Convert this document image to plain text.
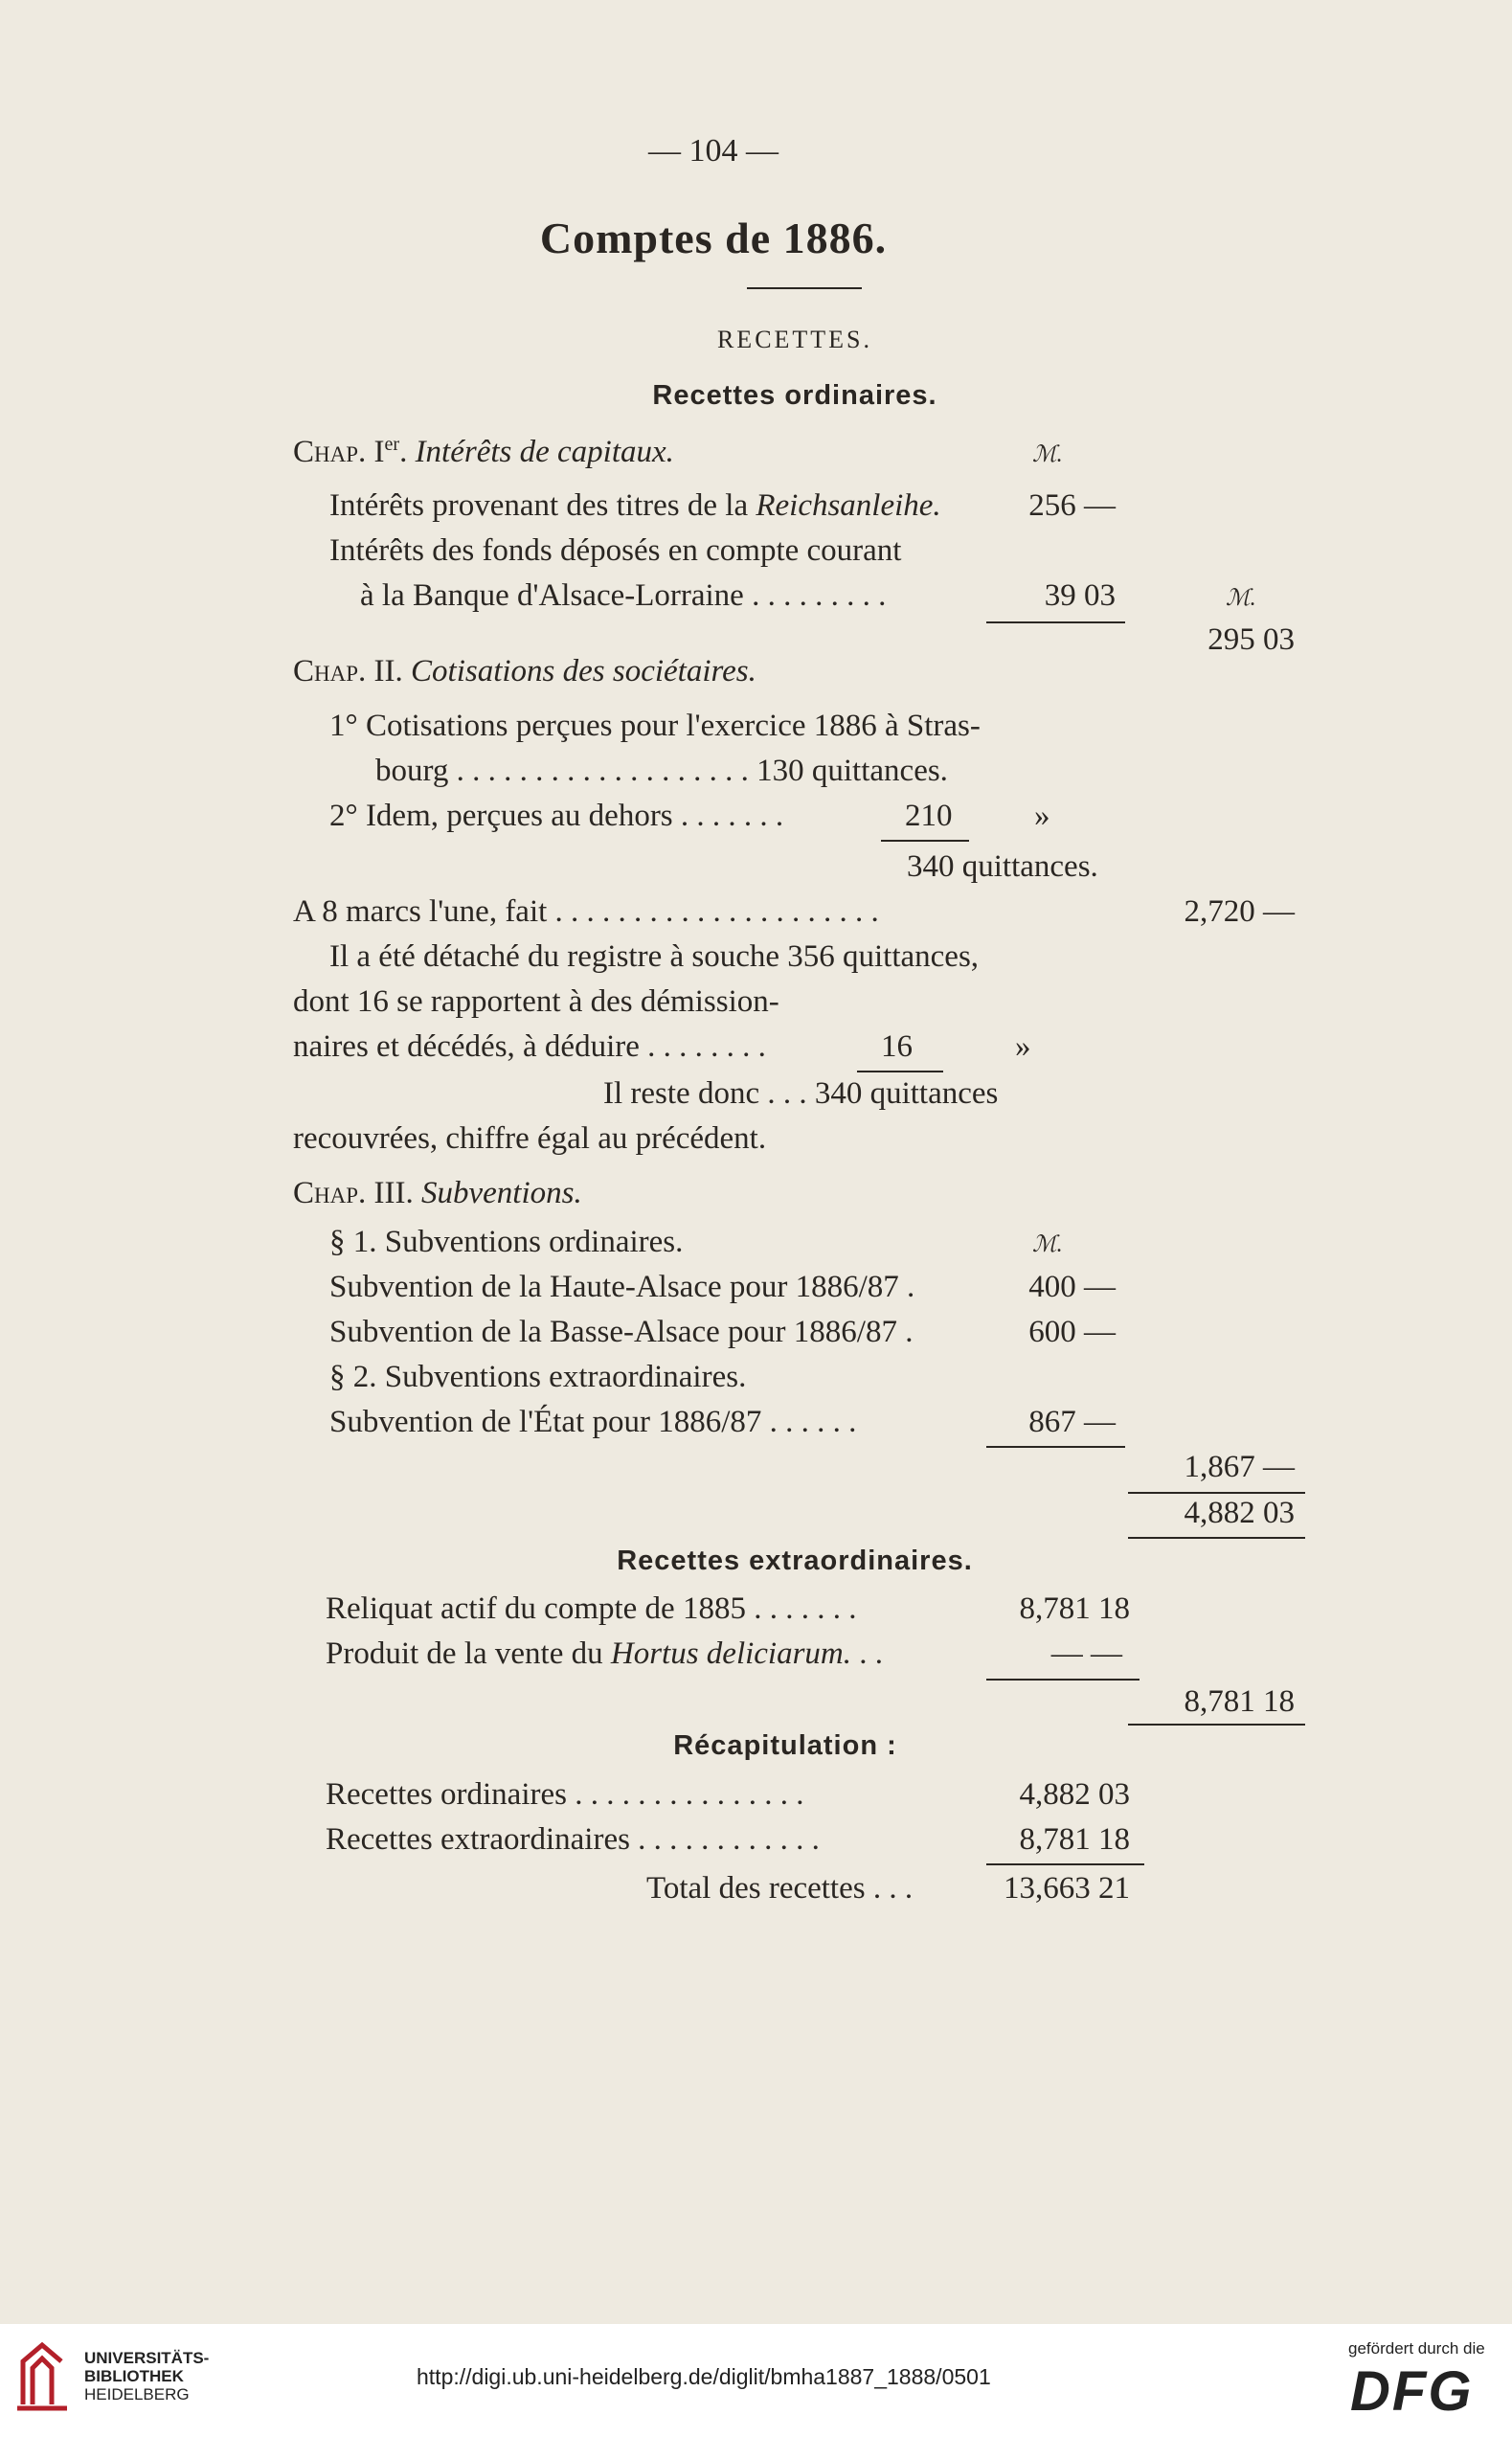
— 104 —
Comptes de 1886.
RECETTES.
Recettes ordinaires.
Chap. Ier. Intérêts de capitaux.	ℳ.
Intérêts provenant des titres de la Reichsanleihe.	256 —
Intérêts des fonds déposés en compte courant
à la Banque d'Alsace-Lorraine . . . . . . . . .	39 03	ℳ.
295 03
Chap. II. Cotisations des sociétaires.
1° Cotisations perçues pour l'exercice 1886 à Stras-
bourg . . . . . . . . . . . . . . . . . . . 130 quittances.
2° Idem, perçues au dehors . . . . . . .	210	»
340 quittances.
A 8 marcs l'une, fait . . . . . . . . . . . . . . . . . . . . .	2,720 —
Il a été détaché du registre à souche 356 quittances,
dont 16 se rapportent à des démission-
naires et décédés, à déduire . . . . . . . .	16	»
Il reste donc . . . 340 quittances
recouvrées, chiffre égal au précédent.
Chap. III. Subventions.
§ 1. Subventions ordinaires.	ℳ.
Subvention de la Haute-Alsace pour 1886/87 .	400 —
Subvention de la Basse-Alsace pour 1886/87 .	600 —
§ 2. Subventions extraordinaires.
Subvention de l'État pour 1886/87 . . . . . .	867 —
1,867 —
4,882 03
Recettes extraordinaires.
Reliquat actif du compte de 1885 . . . . . . .	8,781 18
Produit de la vente du Hortus deliciarum. . .	— —
8,781 18
Récapitulation :
Recettes ordinaires . . . . . . . . . . . . . . .	4,882 03
Recettes extraordinaires . . . . . . . . . . . .	8,781 18
Total des recettes . . .	13,663 21
UNIVERSITÄTS-
BIBLIOTHEK
HEIDELBERG
http://digi.ub.uni-heidelberg.de/diglit/bmha1887_1888/0501
gefördert durch die
DFG
